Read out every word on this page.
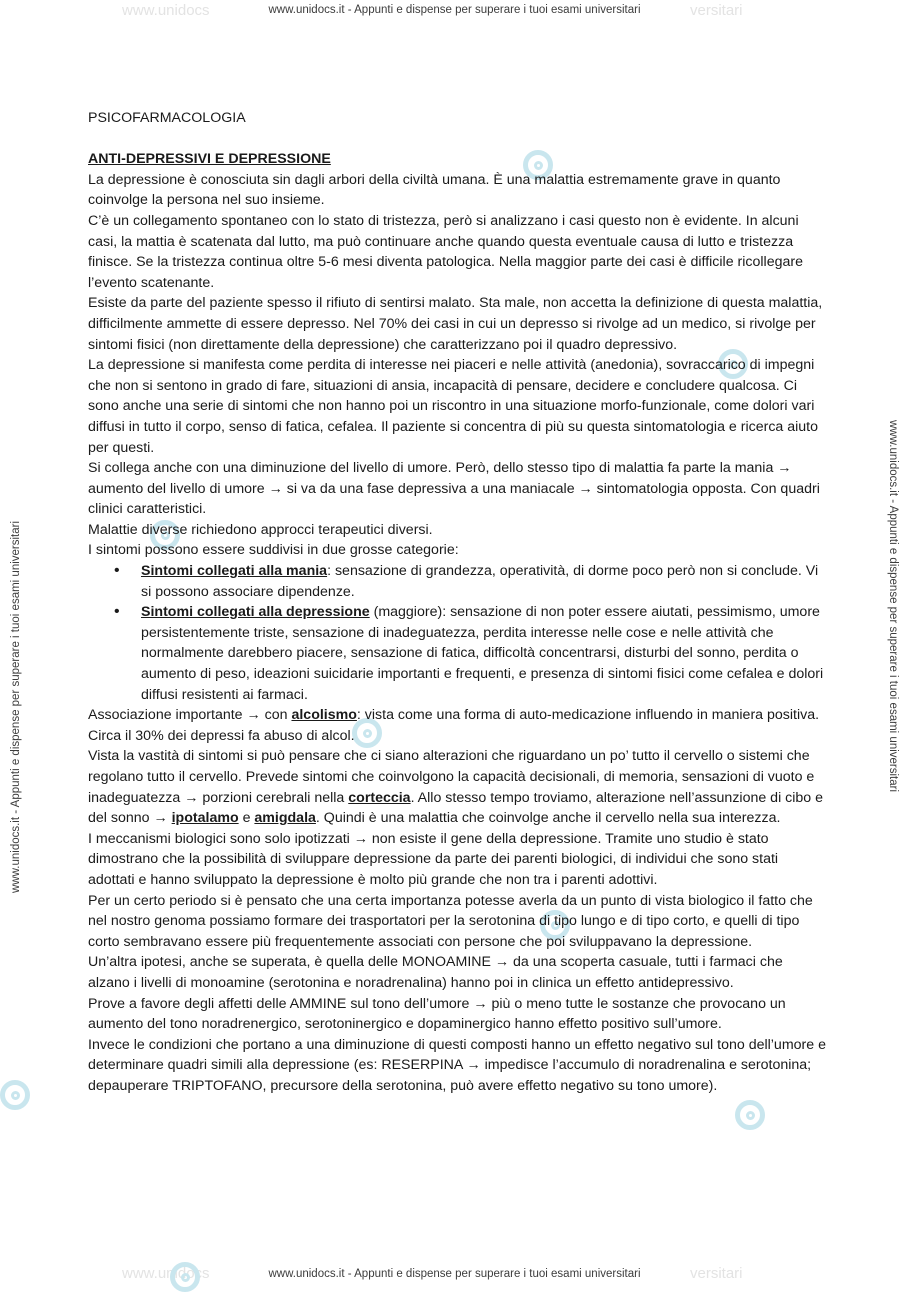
www.unidocs	versitari
www.unidocs.it - Appunti e dispense per superare i tuoi esami universitari
www.unidocs	versitari
www.unidocs.it - Appunti e dispense per superare i tuoi esami universitari
www.unidocs.it - Appunti e dispense per superare i tuoi esami universitari	www.unidocs.it - Appunti e dispense per superare i tuoi esami universitari

PSICOFARMACOLOGIA

ANTI-DEPRESSIVI E DEPRESSIONE

La depressione è conosciuta sin dagli arbori della civiltà umana. È una malattia estremamente grave in quanto coinvolge la persona nel suo insieme.

C’è un collegamento spontaneo con lo stato di tristezza, però si analizzano i casi questo non è evidente. In alcuni casi, la mattia è scatenata dal lutto, ma può continuare anche quando questa eventuale causa di lutto e tristezza finisce. Se la tristezza continua oltre 5-6 mesi diventa patologica. Nella maggior parte dei casi è difficile ricollegare l’evento scatenante.

Esiste da parte del paziente spesso il rifiuto di sentirsi malato. Sta male, non accetta la definizione di questa malattia, difficilmente ammette di essere depresso. Nel 70% dei casi in cui un depresso si rivolge ad un medico, si rivolge per sintomi fisici (non direttamente della depressione) che caratterizzano poi il quadro depressivo.

La depressione si manifesta come perdita di interesse nei piaceri e nelle attività (anedonia), sovraccarico di impegni che non si sentono in grado di fare, situazioni di ansia, incapacità di pensare, decidere e concludere qualcosa. Ci sono anche una serie di sintomi che non hanno poi un riscontro in una situazione morfo-funzionale, come dolori vari diffusi in tutto il corpo, senso di fatica, cefalea. Il paziente si concentra di più su questa sintomatologia e ricerca aiuto per questi.

Si collega anche con una diminuzione del livello di umore. Però, dello stesso tipo di malattia fa parte la mania → aumento del livello di umore → si va da una fase depressiva a una maniacale → sintomatologia opposta. Con quadri clinici caratteristici.

Malattie diverse richiedono approcci terapeutici diversi.

I sintomi possono essere suddivisi in due grosse categorie:

• Sintomi collegati alla mania: sensazione di grandezza, operatività, di dorme poco però non si conclude. Vi si possono associare dipendenze.
• Sintomi collegati alla depressione (maggiore): sensazione di non poter essere aiutati, pessimismo, umore persistentemente triste, sensazione di inadeguatezza, perdita interesse nelle cose e nelle attività che normalmente darebbero piacere, sensazione di fatica, difficoltà concentrarsi, disturbi del sonno, perdita o aumento di peso, ideazioni suicidarie importanti e frequenti, e presenza di sintomi fisici come cefalea e dolori diffusi resistenti ai farmaci.

Associazione importante → con alcolismo: vista come una forma di auto-medicazione influendo in maniera positiva. Circa il 30% dei depressi fa abuso di alcol.

Vista la vastità di sintomi si può pensare che ci siano alterazioni che riguardano un po’ tutto il cervello o sistemi che regolano tutto il cervello. Prevede sintomi che coinvolgono la capacità decisionali, di memoria, sensazioni di vuoto e inadeguatezza → porzioni cerebrali nella corteccia. Allo stesso tempo troviamo, alterazione nell’assunzione di cibo e del sonno → ipotalamo e amigdala. Quindi è una malattia che coinvolge anche il cervello nella sua interezza.

I meccanismi biologici sono solo ipotizzati → non esiste il gene della depressione. Tramite uno studio è stato dimostrano che la possibilità di sviluppare depressione da parte dei parenti biologici, di individui che sono stati adottati e hanno sviluppato la depressione è molto più grande che non tra i parenti adottivi.

Per un certo periodo si è pensato che una certa importanza potesse averla da un punto di vista biologico il fatto che nel nostro genoma possiamo formare dei trasportatori per la serotonina di tipo lungo e di tipo corto, e quelli di tipo corto sembravano essere più frequentemente associati con persone che poi sviluppavano la depressione.

Un’altra ipotesi, anche se superata, è quella delle MONOAMINE → da una scoperta casuale, tutti i farmaci che alzano i livelli di monoamine (serotonina e noradrenalina) hanno poi in clinica un effetto antidepressivo.

Prove a favore degli affetti delle AMMINE sul tono dell’umore → più o meno tutte le sostanze che provocano un aumento del tono noradrenergico, serotoninergico e dopaminergico hanno effetto positivo sull’umore.

Invece le condizioni che portano a una diminuzione di questi composti hanno un effetto negativo sul tono dell’umore e determinare quadri simili alla depressione (es: RESERPINA → impedisce l’accumulo di noradrenalina e serotonina; depauperare TRIPTOFANO, precursore della serotonina, può avere effetto negativo su tono umore).
